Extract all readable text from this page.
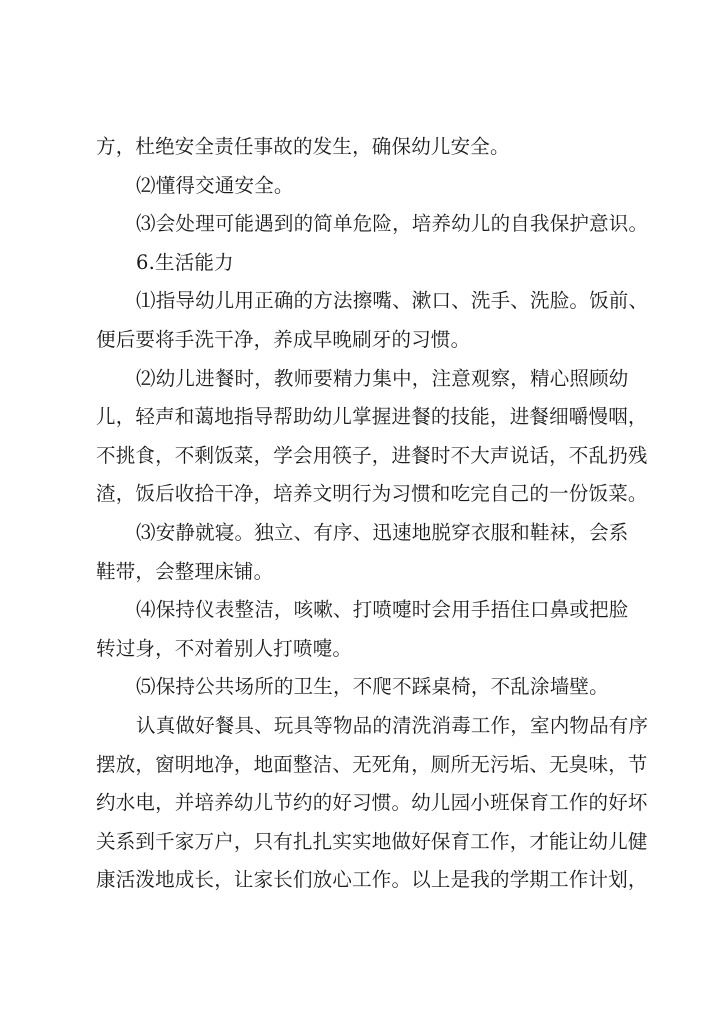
方，杜绝安全责任事故的发生，确保幼儿安全。
⑵懂得交通安全。
⑶会处理可能遇到的简单危险，培养幼儿的自我保护意识。
6.生活能力
⑴指导幼儿用正确的方法擦嘴、漱口、洗手、洗脸。饭前、
便后要将手洗干净，养成早晚刷牙的习惯。
⑵幼儿进餐时，教师要精力集中，注意观察，精心照顾幼
儿，轻声和蔼地指导帮助幼儿掌握进餐的技能，进餐细嚼慢咽，
不挑食，不剩饭菜，学会用筷子，进餐时不大声说话，不乱扔残
渣，饭后收拾干净，培养文明行为习惯和吃完自己的一份饭菜。
⑶安静就寝。独立、有序、迅速地脱穿衣服和鞋袜，会系
鞋带，会整理床铺。
⑷保持仪表整洁，咳嗽、打喷嚏时会用手捂住口鼻或把脸
转过身，不对着别人打喷嚏。
⑸保持公共场所的卫生，不爬不踩桌椅，不乱涂墙壁。
认真做好餐具、玩具等物品的清洗消毒工作，室内物品有序
摆放，窗明地净，地面整洁、无死角，厕所无污垢、无臭味，节
约水电，并培养幼儿节约的好习惯。幼儿园小班保育工作的好坏
关系到千家万户，只有扎扎实实地做好保育工作，才能让幼儿健
康活泼地成长，让家长们放心工作。以上是我的学期工作计划，
